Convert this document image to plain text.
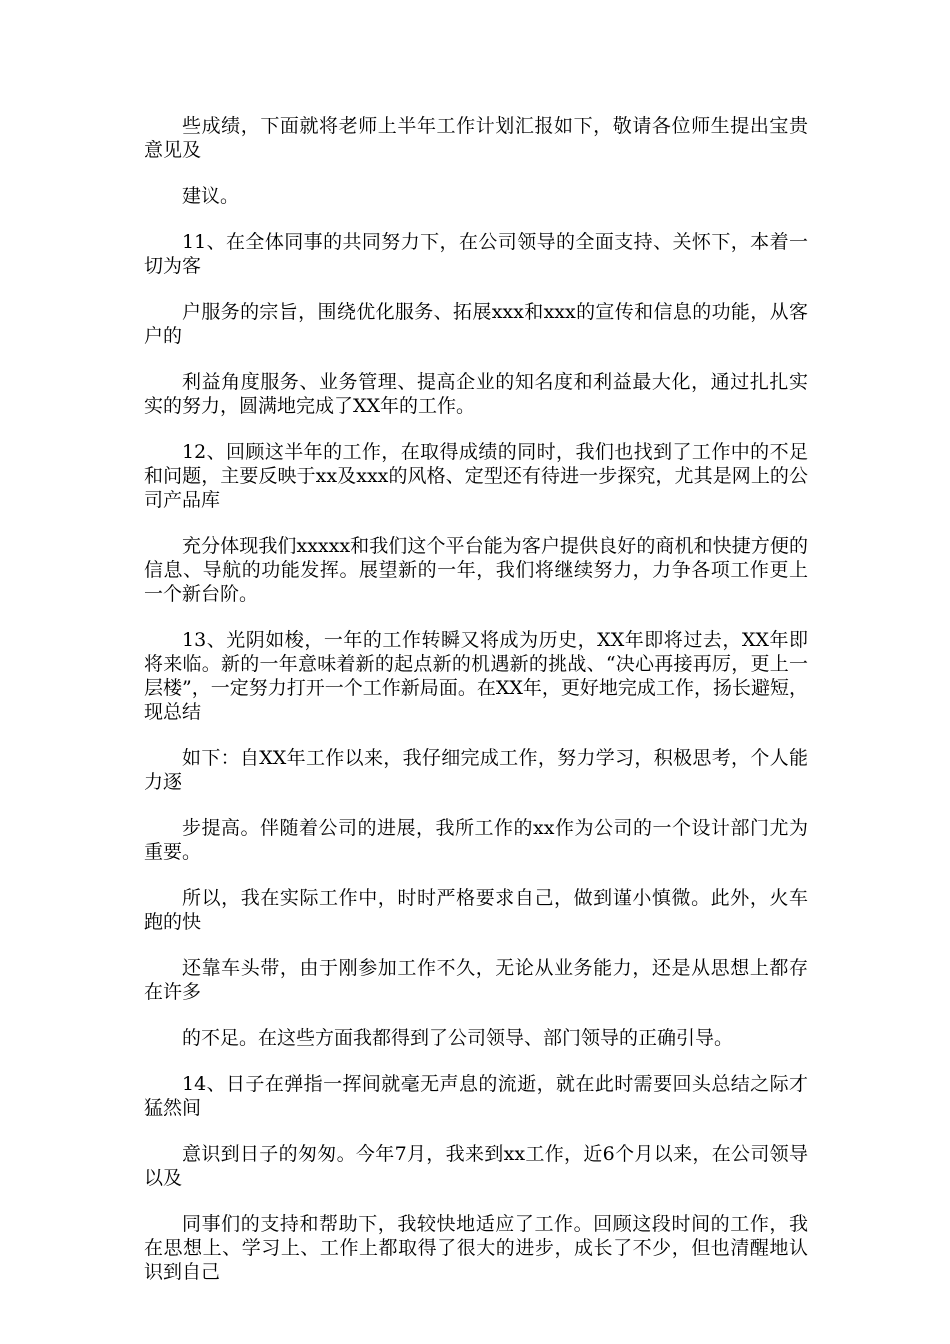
些成绩，下面就将老师上半年工作计划汇报如下，敬请各位师生提出宝贵意见及

建议。

11、在全体同事的共同努力下，在公司领导的全面支持、关怀下，本着一切为客

户服务的宗旨，围绕优化服务、拓展xxx和xxx的宣传和信息的功能，从客户的

利益角度服务、业务管理、提高企业的知名度和利益最大化，通过扎扎实实的努力，圆满地完成了XX年的工作。

12、回顾这半年的工作，在取得成绩的同时，我们也找到了工作中的不足和问题，主要反映于xx及xxx的风格、定型还有待进一步探究，尤其是网上的公司产品库

充分体现我们xxxxx和我们这个平台能为客户提供良好的商机和快捷方便的信息、导航的功能发挥。展望新的一年，我们将继续努力，力争各项工作更上一个新台阶。

13、光阴如梭，一年的工作转瞬又将成为历史，XX年即将过去，XX年即将来临。新的一年意味着新的起点新的机遇新的挑战、“决心再接再厉，更上一层楼”，一定努力打开一个工作新局面。在XX年，更好地完成工作，扬长避短，现总结

如下：自XX年工作以来，我仔细完成工作，努力学习，积极思考，个人能力逐

步提高。伴随着公司的进展，我所工作的xx作为公司的一个设计部门尤为重要。

所以，我在实际工作中，时时严格要求自己，做到谨小慎微。此外，火车跑的快

还靠车头带，由于刚参加工作不久，无论从业务能力，还是从思想上都存在许多

的不足。在这些方面我都得到了公司领导、部门领导的正确引导。

14、日子在弹指一挥间就毫无声息的流逝，就在此时需要回头总结之际才猛然间

意识到日子的匆匆。今年7月，我来到xx工作，近6个月以来，在公司领导以及

同事们的支持和帮助下，我较快地适应了工作。回顾这段时间的工作，我在思想上、学习上、工作上都取得了很大的进步，成长了不少，但也清醒地认识到自己
